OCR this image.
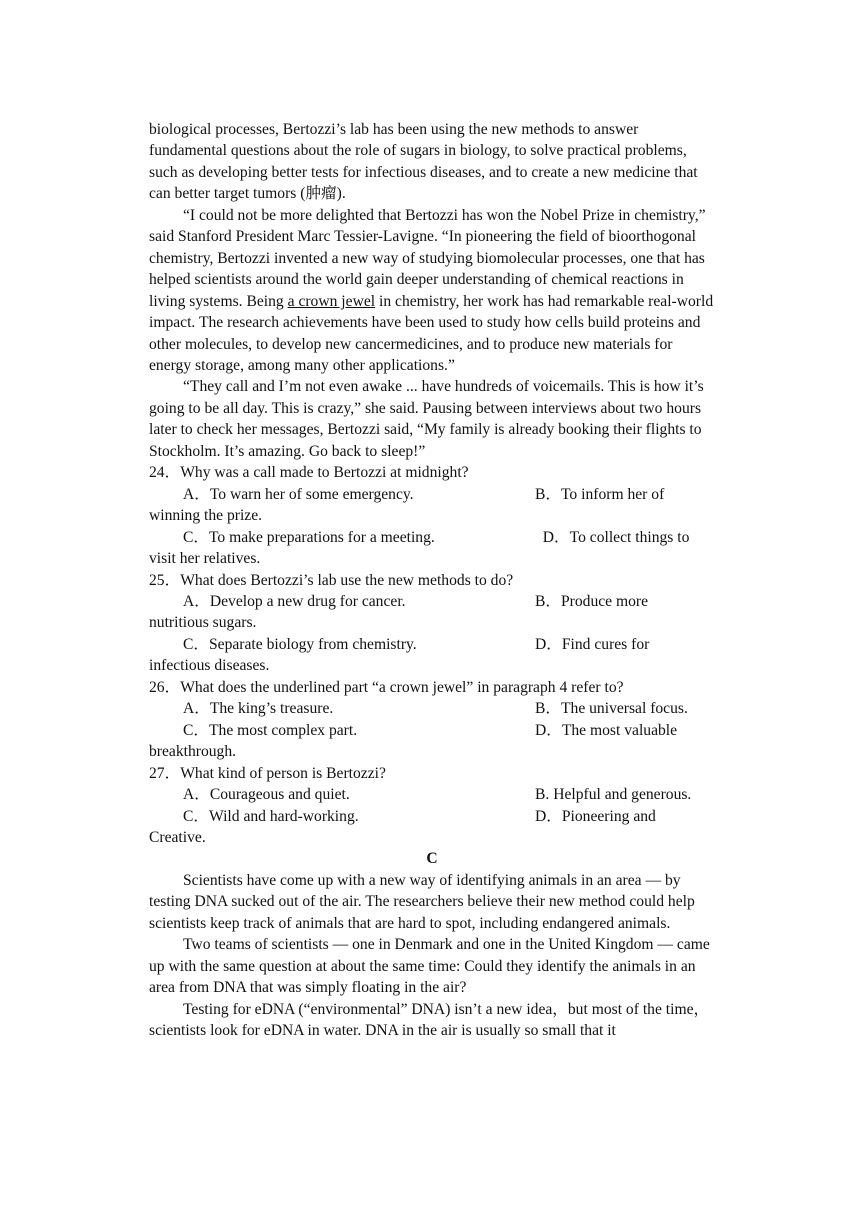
biological processes, Bertozzi’s lab has been using the new methods to answer fundamental questions about the role of sugars in biology, to solve practical problems, such as developing better tests for infectious diseases, and to create a new medicine that can better target tumors (肿瘤).

“I could not be more delighted that Bertozzi has won the Nobel Prize in chemistry,” said Stanford President Marc Tessier-Lavigne. “In pioneering the field of bioorthogonal chemistry, Bertozzi invented a new way of studying biomolecular processes, one that has helped scientists around the world gain deeper understanding of chemical reactions in living systems. Being a crown jewel in chemistry, her work has had remarkable real-world impact. The research achievements have been used to study how cells build proteins and other molecules, to develop new cancermedicines, and to produce new materials for energy storage, among many other applications.”

“They call and I’m not even awake ... have hundreds of voicemails. This is how it’s going to be all day. This is crazy,” she said. Pausing between interviews about two hours later to check her messages, Bertozzi said, “My family is already booking their flights to Stockholm. It’s amazing. Go back to sleep!”

24．Why was a call made to Bertozzi at midnight?

A．To warn her of some emergency.	B．To inform her of

winning the prize.

C．To make preparations for a meeting.	D．To collect things to

visit her relatives.

25．What does Bertozzi’s lab use the new methods to do?

A．Develop a new drug for cancer.	B．Produce more

nutritious sugars.

C．Separate biology from chemistry.	D．Find cures for

infectious diseases.

26．What does the underlined part “a crown jewel” in paragraph 4 refer to?

A．The king’s treasure.	B．The universal focus.
C．The most complex part.	D．The most valuable

breakthrough.

27．What kind of person is Bertozzi?

A．Courageous and quiet.	B. Helpful and generous.
C．Wild and hard-working.	D．Pioneering and

Creative.

C

Scientists have come up with a new way of identifying animals in an area — by testing DNA sucked out of the air. The researchers believe their new method could help scientists keep track of animals that are hard to spot, including endangered animals.

Two teams of scientists — one in Denmark and one in the United Kingdom — came up with the same question at about the same time: Could they identify the animals in an area from DNA that was simply floating in the air?

Testing for eDNA (“environmental” DNA) isn’t a new idea，but most of the time，scientists look for eDNA in water. DNA in the air is usually so small that it
